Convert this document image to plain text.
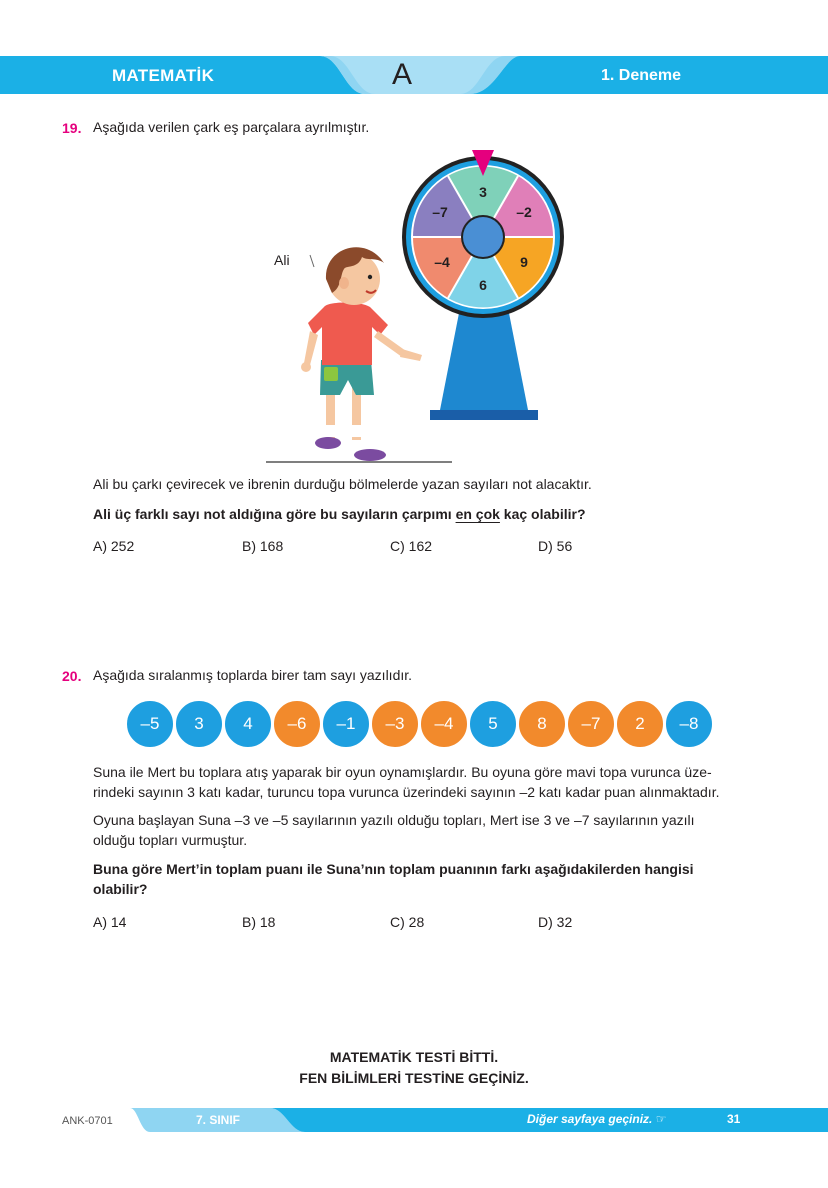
MATEMATİK	A	1. Deneme
19. Aşağıda verilen çark eş parçalara ayrılmıştır.
Ali
3
–2
9
6
–4
–7
Ali bu çarkı çevirecek ve ibrenin durduğu bölmelerde yazan sayıları not alacaktır.
Ali üç farklı sayı not aldığına göre bu sayıların çarpımı en çok kaç olabilir?
A) 252	B) 168	C) 162	D) 56
20. Aşağıda sıralanmış toplarda birer tam sayı yazılıdır.
–5	3	4	–6	–1	–3	–4	5	8	–7	2	–8
Suna ile Mert bu toplara atış yaparak bir oyun oynamışlardır. Bu oyuna göre mavi topa vurunca üze-
rindeki sayının 3 katı kadar, turuncu topa vurunca üzerindeki sayının –2 katı kadar puan alınmaktadır.
Oyuna başlayan Suna –3 ve –5 sayılarının yazılı olduğu topları, Mert ise 3 ve –7 sayılarının yazılı
olduğu topları vurmuştur.
Buna göre Mert’in toplam puanı ile Suna’nın toplam puanının farkı aşağıdakilerden hangisi
olabilir?
A) 14	B) 18	C) 28	D) 32
MATEMATİK TESTİ BİTTİ.
FEN BİLİMLERİ TESTİNE GEÇİNİZ.
ANK-0701	7. SINIF	Diğer sayfaya geçiniz. ☞	31
